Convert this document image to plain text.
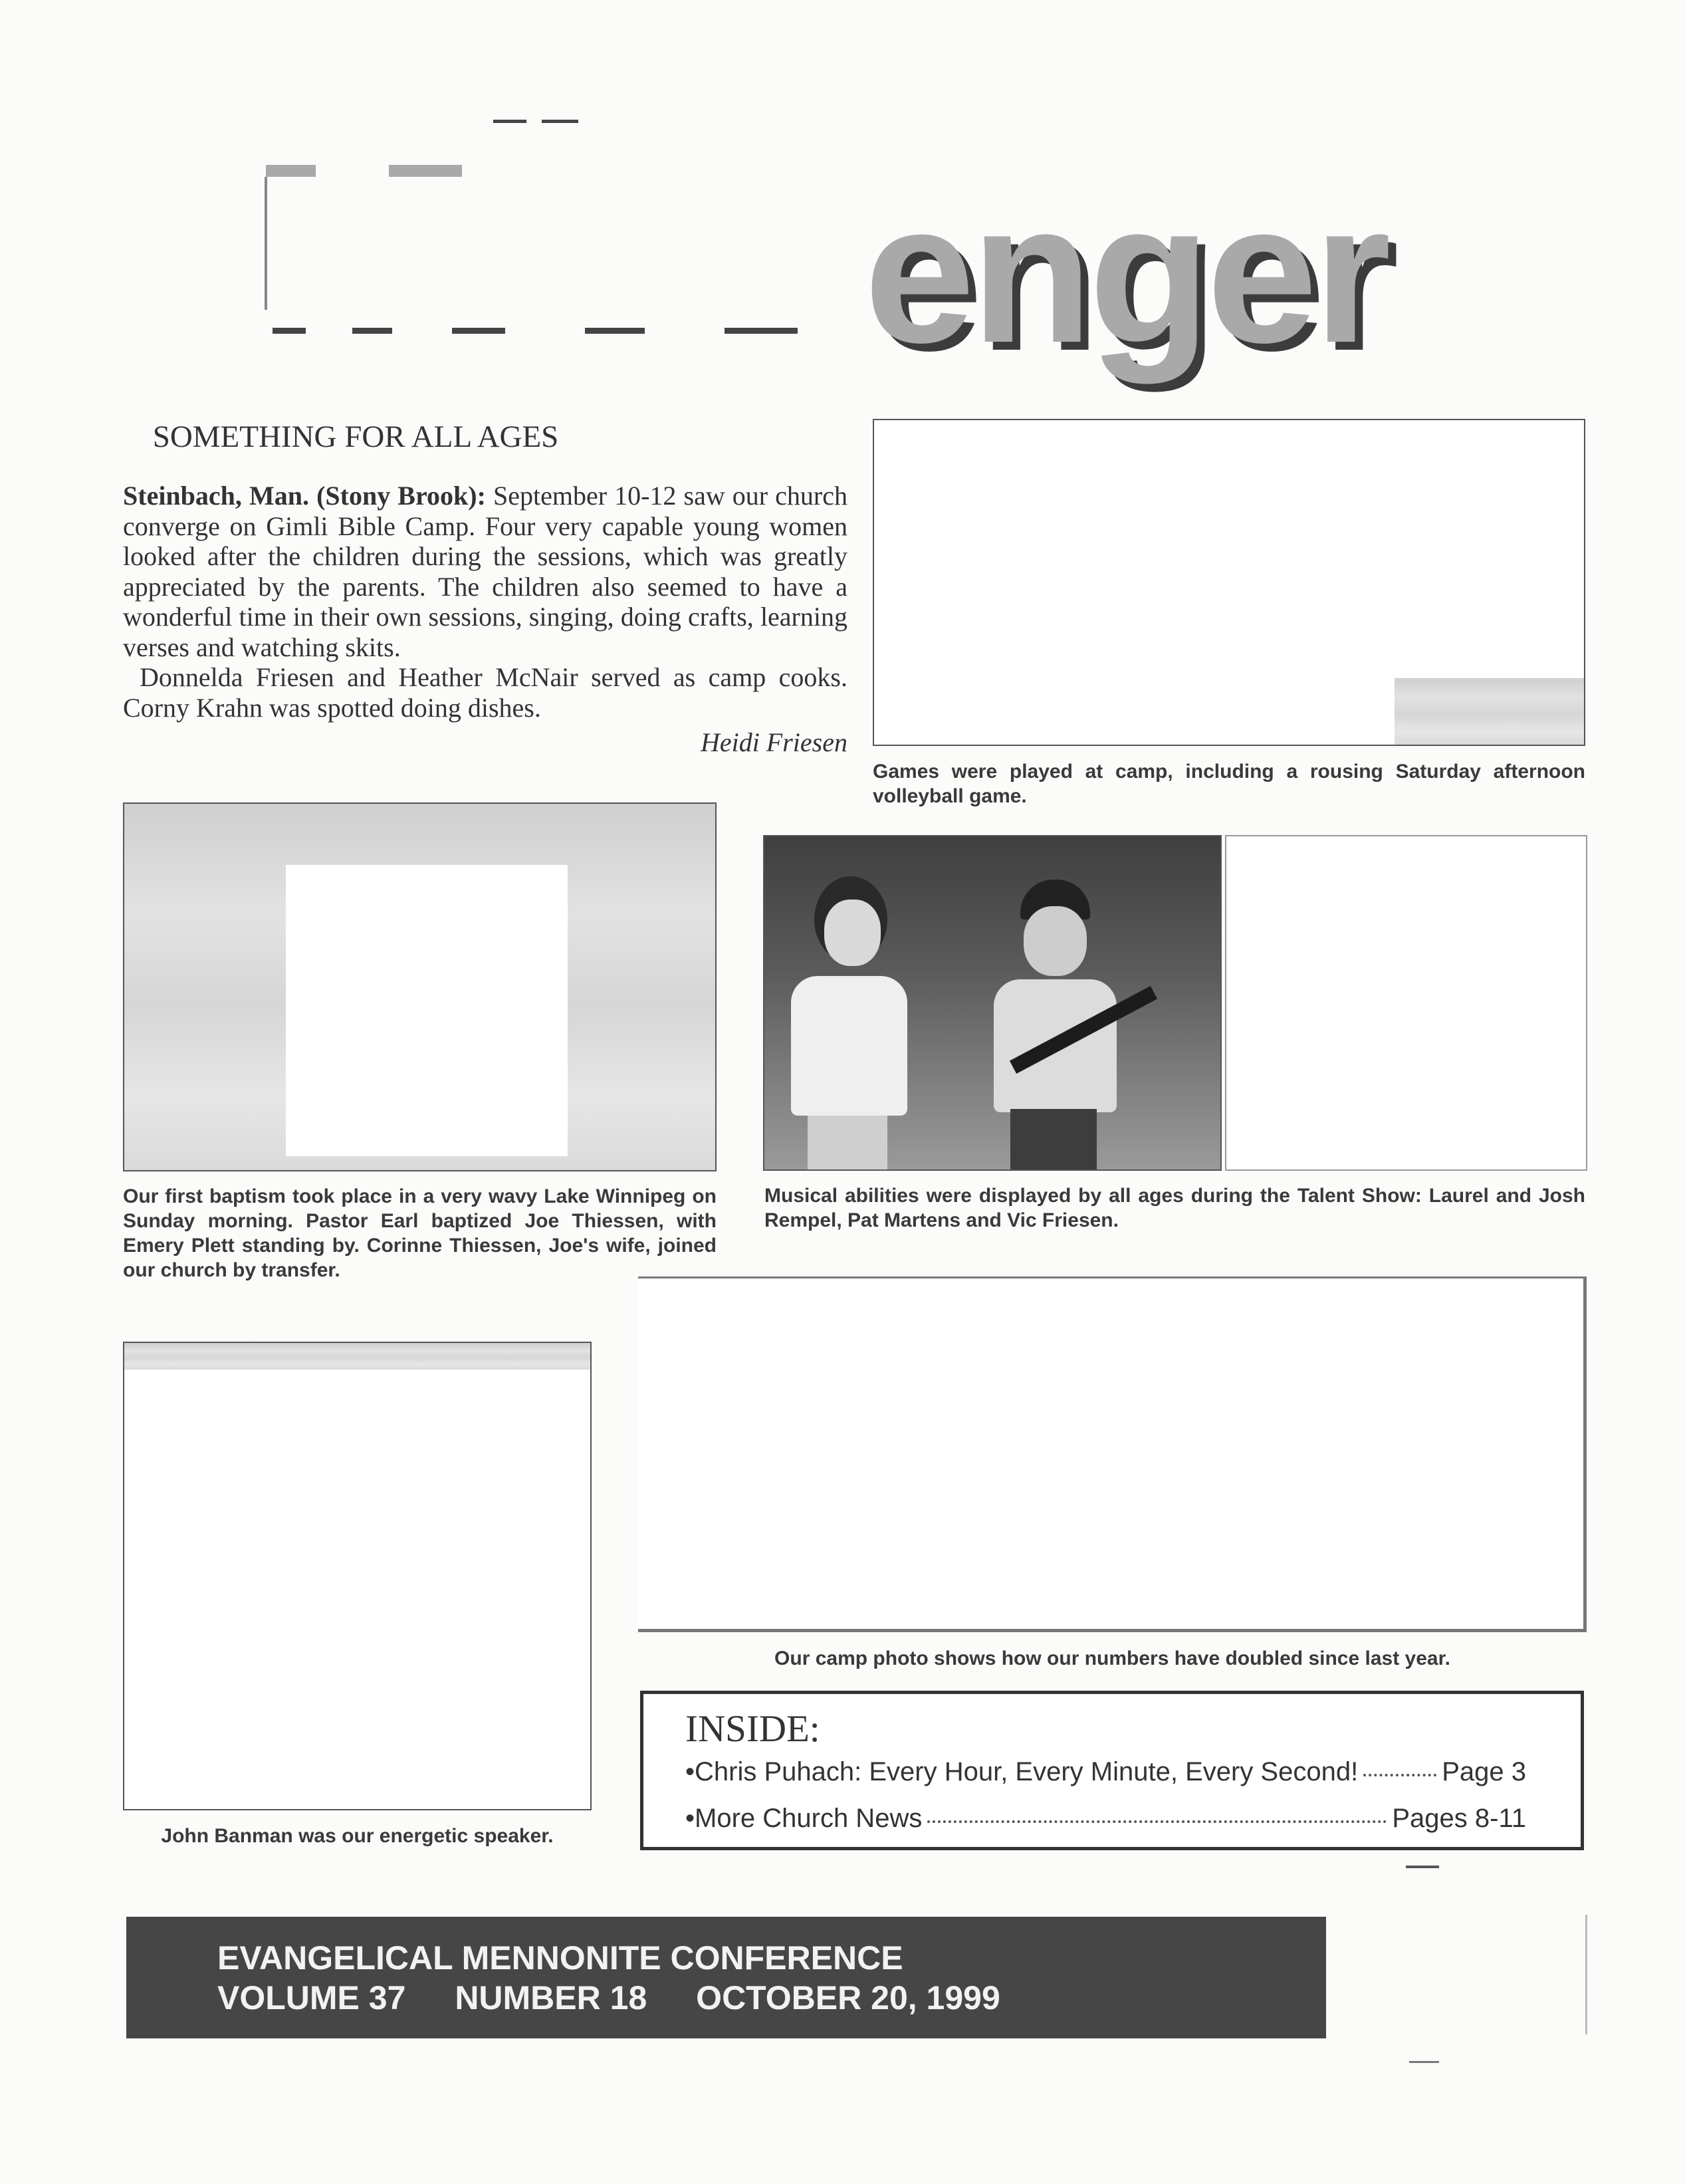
enger
SOMETHING FOR ALL AGES

Steinbach, Man. (Stony Brook): September 10-12 saw our church converge on Gimli Bible Camp. Four very capable young women looked after the children during the sessions, which was greatly appreciated by the parents. The children also seemed to have a wonderful time in their own sessions, singing, doing crafts, learning verses and watching skits.

Donnelda Friesen and Heather McNair served as camp cooks. Corny Krahn was spotted doing dishes.

Heidi Friesen
Games were played at camp, including a rousing Saturday afternoon volleyball game.
Our first baptism took place in a very wavy Lake Winnipeg on Sunday morning. Pastor Earl baptized Joe Thiessen, with Emery Plett standing by. Corinne Thiessen, Joe's wife, joined our church by transfer.
Musical abilities were displayed by all ages during the Talent Show: Laurel and Josh Rempel, Pat Martens and Vic Friesen.
Our camp photo shows how our numbers have doubled since last year.
John Banman was our energetic speaker.
INSIDE:
•Chris Puhach: Every Hour, Every Minute, Every Second!	Page 3
•More Church News	Pages 8-11
EVANGELICAL MENNONITE CONFERENCE
VOLUME 37 NUMBER 18 OCTOBER 20, 1999
